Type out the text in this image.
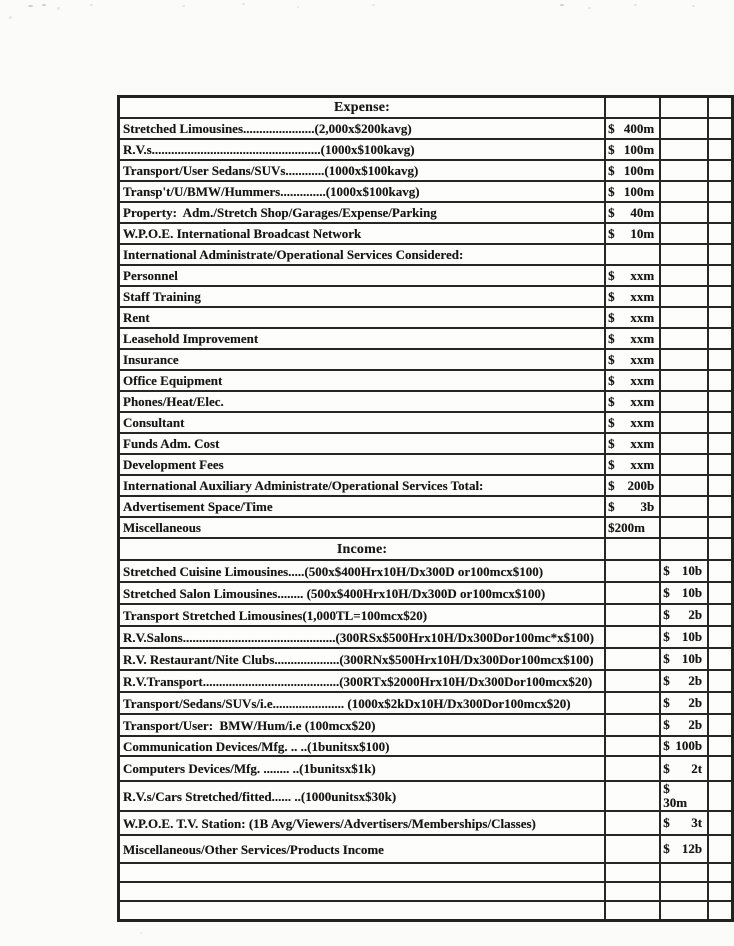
Expense:			
Stretched Limousines......................(2,000x$200kavg)	$ 400m		

R.V.s....................................................(1000x$100kavg)	$ 100m		

Transport/User Sedans/SUVs............(1000x$100kavg)	$ 100m		

Transp't/U/BMW/Hummers..............(1000x$100kavg)	$ 100m		

Property:  Adm./Stretch Shop/Garages/Expense/Parking	$ 40m		

W.P.O.E. International Broadcast Network	$ 10m		

International Administrate/Operational Services Considered:			
Personnel	$ xxm		

Staff Training	$ xxm		

Rent	$ xxm		

Leasehold Improvement	$ xxm		

Insurance	$ xxm		

Office Equipment	$ xxm		

Phones/Heat/Elec.	$ xxm		

Consultant	$ xxm		

Funds Adm. Cost	$ xxm		

Development Fees	$ xxm		

International Auxiliary Administrate/Operational Services Total:	$ 200b		

Advertisement Space/Time	$ 3b		

Miscellaneous	$200m		
Income:			
Stretched Cuisine Limousines.....(500x$400Hrx10H/Dx300D or100mcx$100)		$ 10b	

Stretched Salon Limousines........ (500x$400Hrx10H/Dx300D or100mcx$100)		$ 10b	

Transport Stretched Limousines(1,000TL=100mcx$20)		$ 2b	

R.V.Salons...............................................(300RSx$500Hrx10H/Dx300Dor100mc*x$100)		$ 10b	

R.V. Restaurant/Nite Clubs....................(300RNx$500Hrx10H/Dx300Dor100mcx$100)		$ 10b	

R.V.Transport..........................................(300RTx$2000Hrx10H/Dx300Dor100mcx$20)		$ 2b	

Transport/Sedans/SUVs/i.e...................... (1000x$2kDx10H/Dx300Dor100mcx$20)		$ 2b	

Transport/User:  BMW/Hum/i.e (100mcx$20)		$ 2b	

Communication Devices/Mfg. .. ..(1bunitsx$100)		$ 100b	

Computers Devices/Mfg. ........ ..(1bunitsx$1k)		$ 2t	

R.V.s/Cars Stretched/fitted...... ..(1000unitsx$30k)		$
30m	

W.P.O.E. T.V. Station: (1B Avg/Viewers/Advertisers/Memberships/Classes)		$ 3t	

Miscellaneous/Other Services/Products Income		$ 12b	
